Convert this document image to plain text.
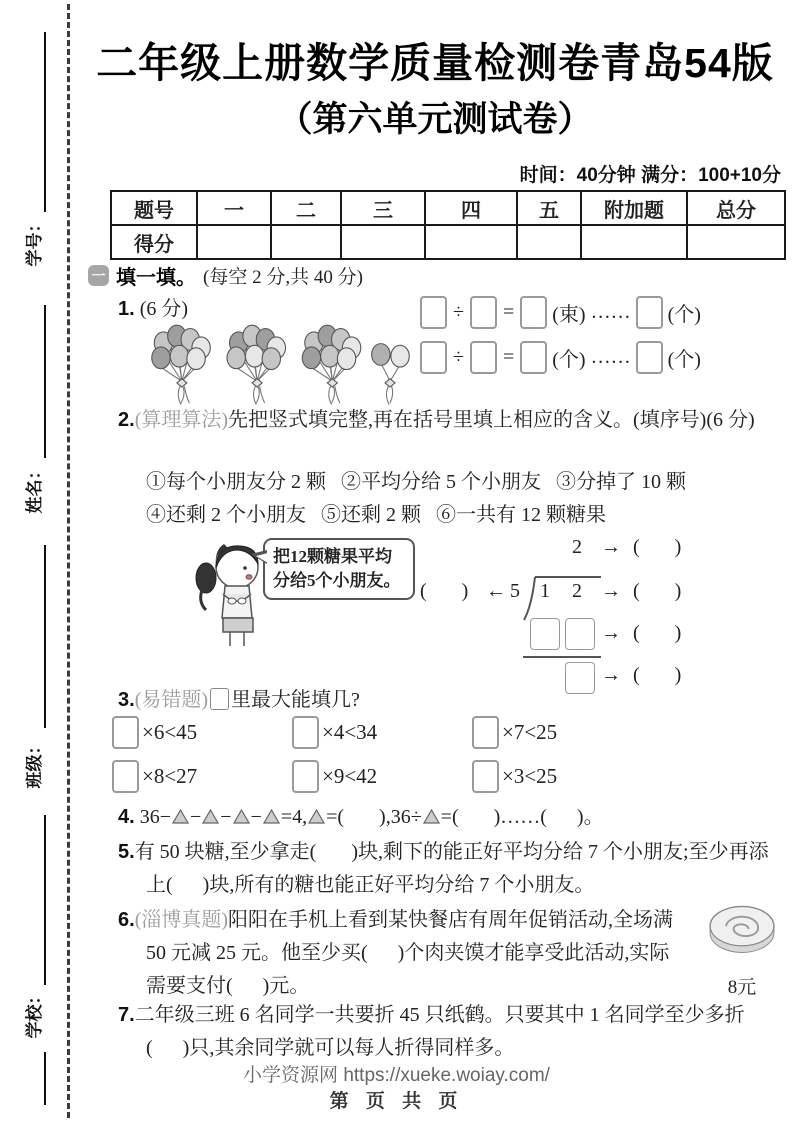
学号：
姓名：
班级：
学校：
二年级上册数学质量检测卷青岛54版
（第六单元测试卷）
时间：40分钟 满分：100+10分
题号	一	二	三	四	五	附加题	总分
得分							
一 填一填。 (每空 2 分,共 40 分)
1. (6 分)	÷ = (束) …… (个)
÷ = (个) …… (个)
2.(算理算法)先把竖式填完整,再在括号里填上相应的含义。(填序号)(6 分)
①每个小朋友分 2 颗   ②平均分给 5 个小朋友   ③分掉了 10 颗
④还剩 2 个小朋友   ⑤还剩 2 颗   ⑥一共有 12 颗糖果
把12颗糖果平均
分给5个小朋友。
2 → (       )
(       ) ← 5 1 2 → (       )
→ (       )
→ (       )
3.(易错题) 里最大能填几?
×6<45	×4<34	×7<25
×8<27	×9<42	×3<25
4. 36− − − − =4, =(       ),36÷ =(       )……(      )。
5.有 50 块糖,至少拿走(       )块,剩下的能正好平均分给 7 个小朋友;至少再添上(      )块,所有的糖也能正好平均分给 7 个小朋友。
8元
6.(淄博真题)阳阳在手机上看到某快餐店有周年促销活动,全场满 50 元减 25 元。他至少买(      )个肉夹馍才能享受此活动,实际需要支付(      )元。
7.二年级三班 6 名同学一共要折 45 只纸鹤。只要其中 1 名同学至少多折(      )只,其余同学就可以每人折得同样多。
小学资源网 https://xueke.woiay.com/
第 页 共 页
